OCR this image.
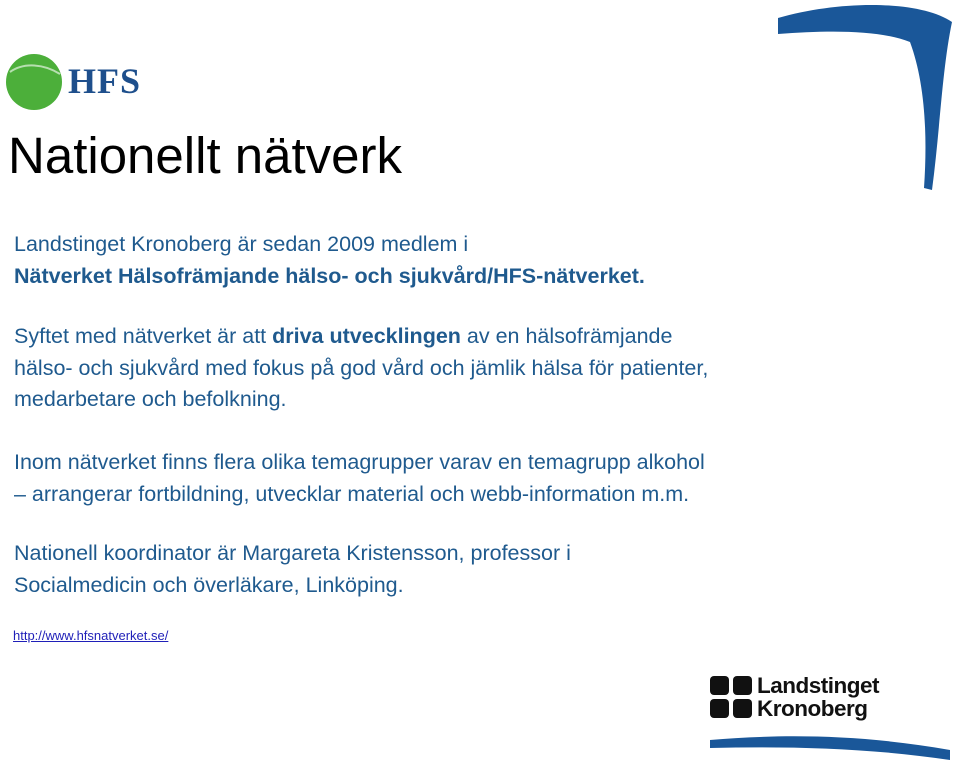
HFS
Nationellt nätverk

Landstinget Kronoberg är sedan 2009 medlem i
Nätverket Hälsofrämjande hälso- och sjukvård/HFS-nätverket.

Syftet med nätverket är att driva utvecklingen av en hälsofrämjande
hälso- och sjukvård med fokus på god vård och jämlik hälsa för patienter,
medarbetare och befolkning.

Inom nätverket finns flera olika temagrupper varav en temagrupp alkohol
– arrangerar fortbildning, utvecklar material och webb-information m.m.

Nationell koordinator är Margareta Kristensson, professor i
Socialmedicin och överläkare, Linköping.

http://www.hfsnatverket.se/
Landstinget
Kronoberg
